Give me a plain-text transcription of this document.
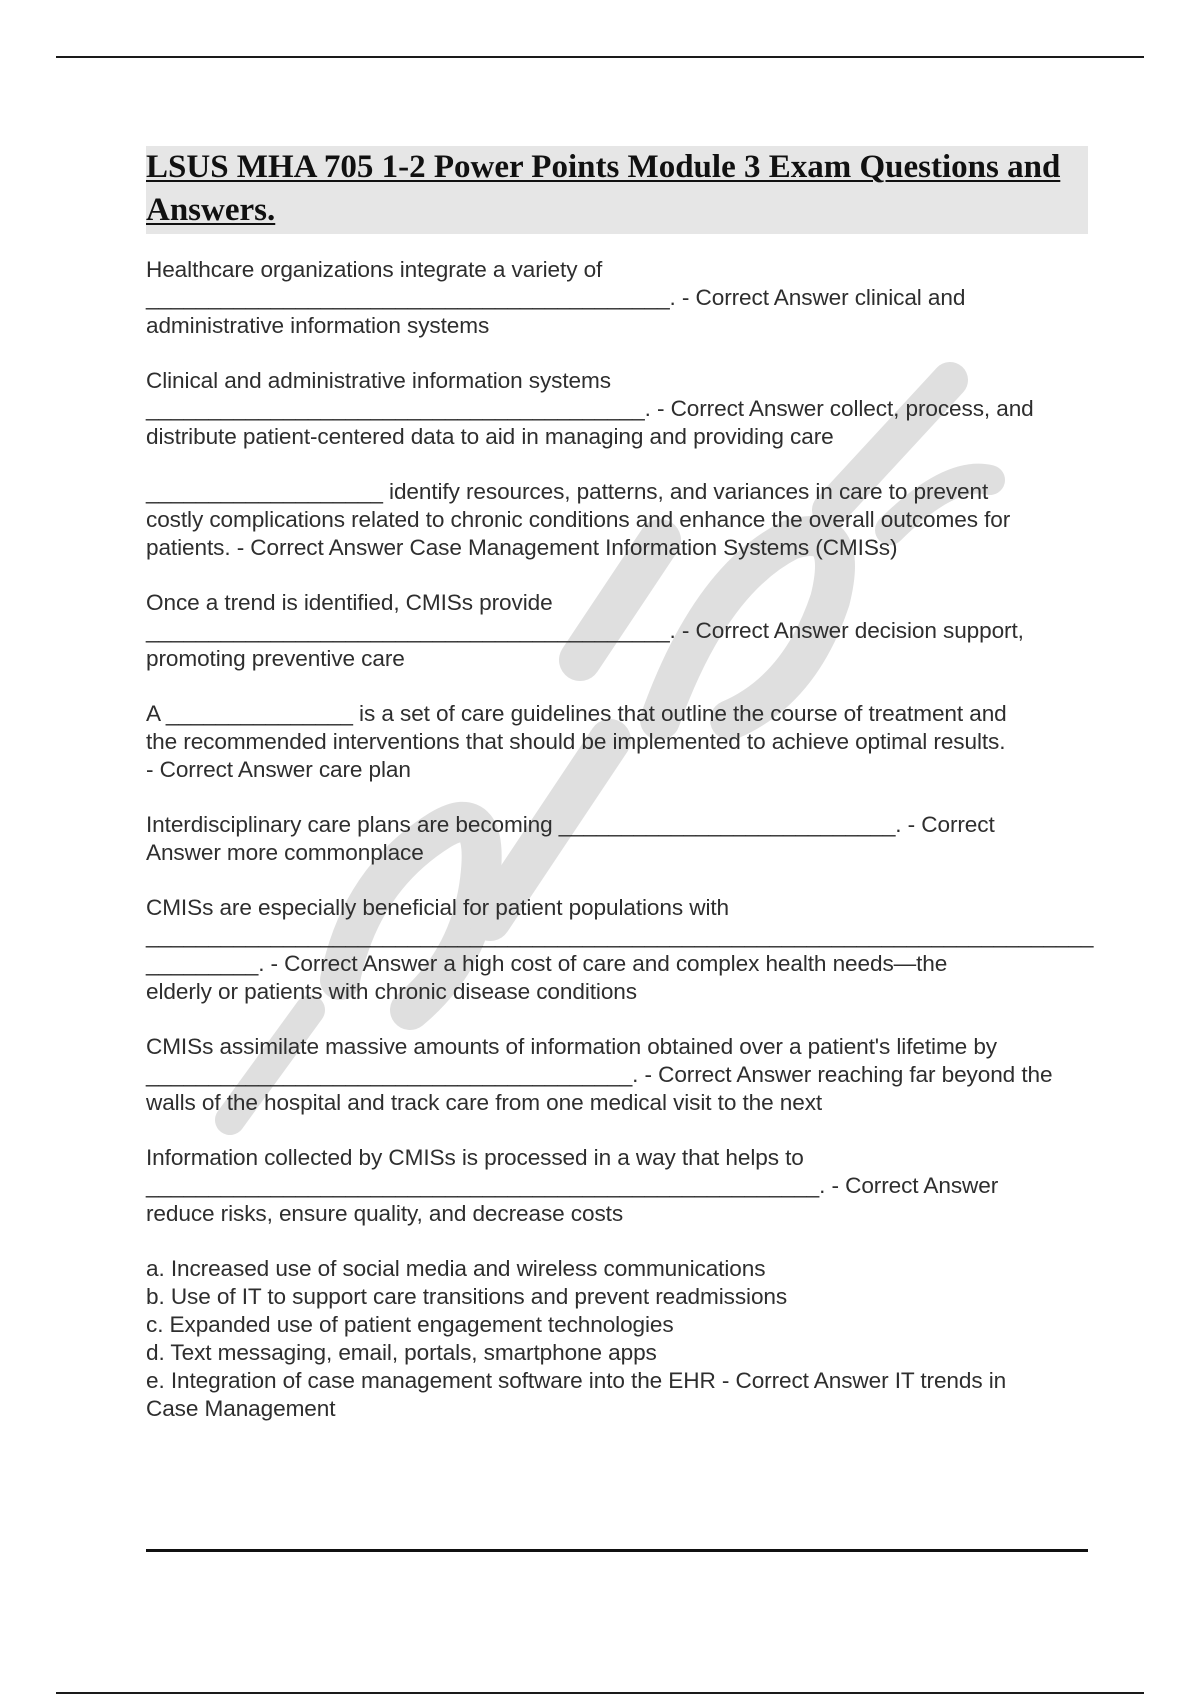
LSUS MHA 705 1-2 Power Points Module 3 Exam Questions and Answers.

Healthcare organizations integrate a variety of
__________________________________________. - Correct Answer clinical and
administrative information systems

Clinical and administrative information systems
________________________________________. - Correct Answer collect, process, and
distribute patient-centered data to aid in managing and providing care

___________________ identify resources, patterns, and variances in care to prevent
costly complications related to chronic conditions and enhance the overall outcomes for
patients. - Correct Answer Case Management Information Systems (CMISs)

Once a trend is identified, CMISs provide
__________________________________________. - Correct Answer decision support,
promoting preventive care

A _______________ is a set of care guidelines that outline the course of treatment and
the recommended interventions that should be implemented to achieve optimal results.
- Correct Answer care plan

Interdisciplinary care plans are becoming ___________________________. - Correct
Answer more commonplace

CMISs are especially beneficial for patient populations with
____________________________________________________________________________
_________. - Correct Answer a high cost of care and complex health needs—the
elderly or patients with chronic disease conditions

CMISs assimilate massive amounts of information obtained over a patient's lifetime by
_______________________________________. - Correct Answer reaching far beyond the
walls of the hospital and track care from one medical visit to the next

Information collected by CMISs is processed in a way that helps to
______________________________________________________. - Correct Answer
reduce risks, ensure quality, and decrease costs

a. Increased use of social media and wireless communications
b. Use of IT to support care transitions and prevent readmissions
c. Expanded use of patient engagement technologies
d. Text messaging, email, portals, smartphone apps
e. Integration of case management software into the EHR - Correct Answer IT trends in
Case Management
